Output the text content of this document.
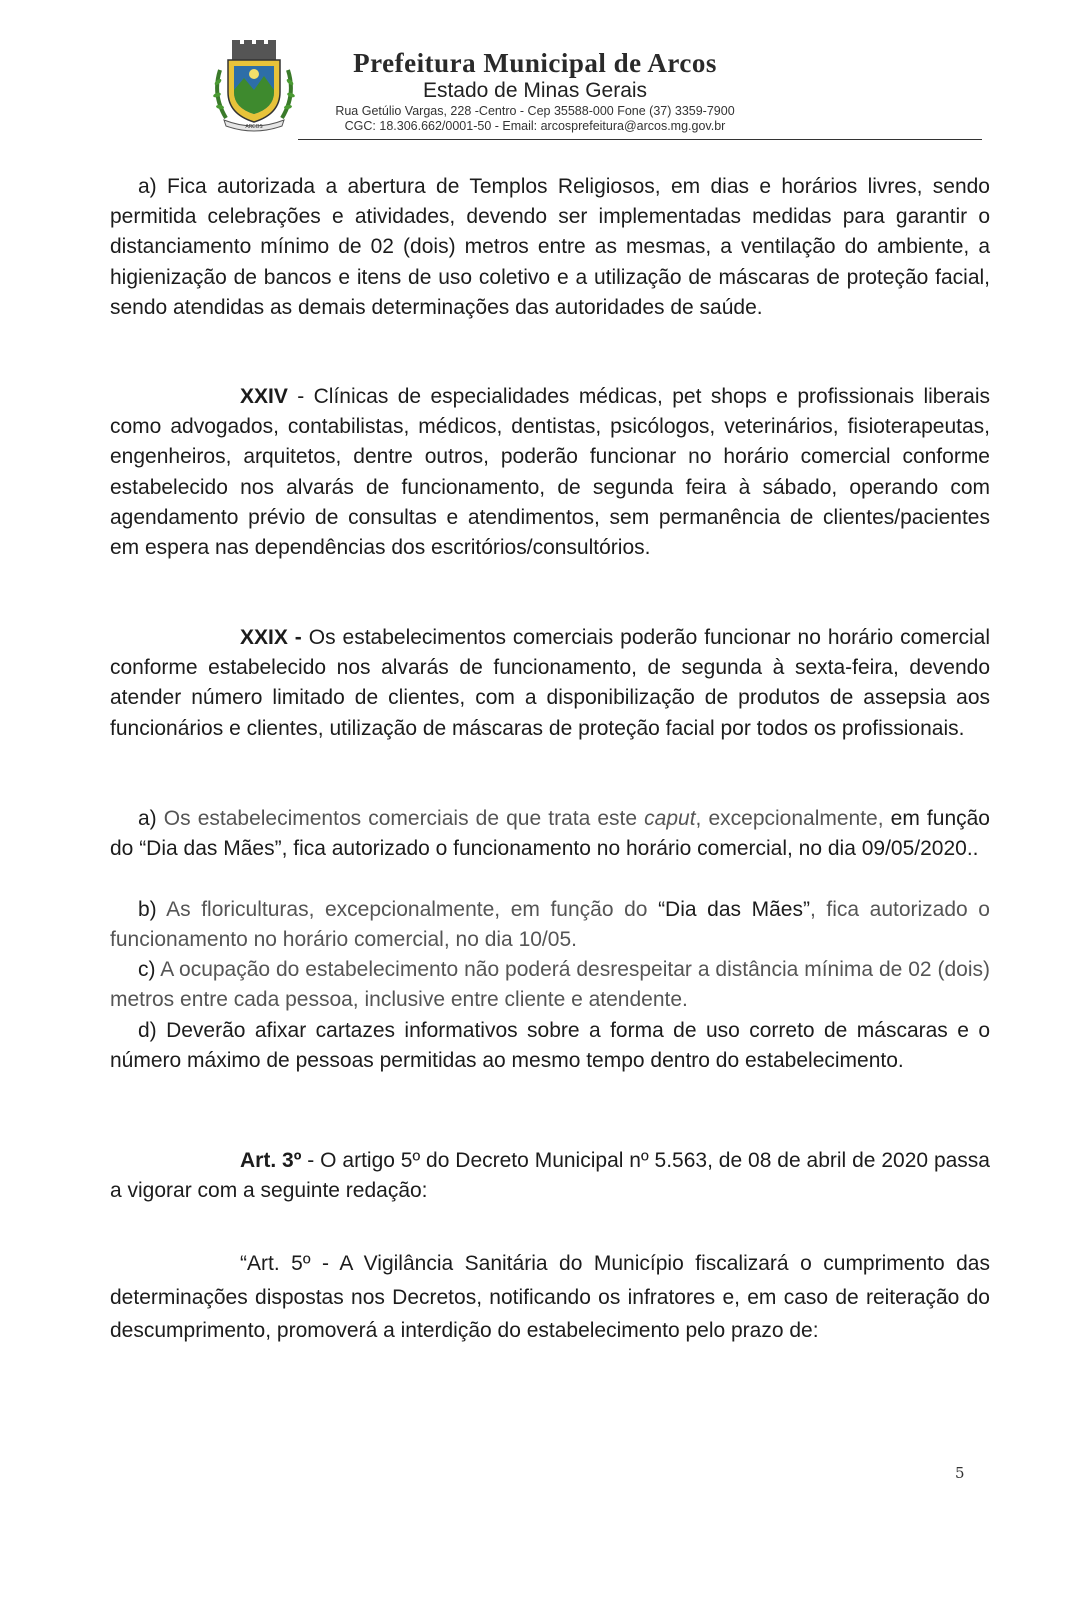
ARCOS
Prefeitura Municipal de Arcos
Estado de Minas Gerais
Rua Getúlio Vargas, 228 -Centro - Cep 35588-000 Fone (37) 3359-7900
CGC: 18.306.662/0001-50 - Email: arcosprefeitura@arcos.mg.gov.br
a) Fica autorizada a abertura de Templos Religiosos, em dias e horários livres, sendo permitida celebrações e atividades, devendo ser implementadas medidas para garantir o distanciamento mínimo de 02 (dois) metros entre as mesmas, a ventilação do ambiente, a higienização de bancos e itens de uso coletivo e a utilização de máscaras de proteção facial, sendo atendidas as demais determinações das autoridades de saúde.
XXIV - Clínicas de especialidades médicas, pet shops e profissionais liberais como advogados, contabilistas, médicos, dentistas, psicólogos, veterinários, fisioterapeutas, engenheiros, arquitetos, dentre outros, poderão funcionar no horário comercial conforme estabelecido nos alvarás de funcionamento, de segunda feira à sábado, operando com agendamento prévio de consultas e atendimentos, sem permanência de clientes/pacientes em espera nas dependências dos escritórios/consultórios.
XXIX - Os estabelecimentos comerciais poderão funcionar no horário comercial conforme estabelecido nos alvarás de funcionamento, de segunda à sexta-feira, devendo atender número limitado de clientes, com a disponibilização de produtos de assepsia aos funcionários e clientes, utilização de máscaras de proteção facial por todos os profissionais.
a) Os estabelecimentos comerciais de que trata este caput, excepcionalmente, em função do “Dia das Mães”, fica autorizado o funcionamento no horário comercial, no dia 09/05/2020..
b) As floriculturas, excepcionalmente, em função do “Dia das Mães”, fica autorizado o funcionamento no horário comercial, no dia 10/05.
c) A ocupação do estabelecimento não poderá desrespeitar a distância mínima de 02 (dois) metros entre cada pessoa, inclusive entre cliente e atendente.
d) Deverão afixar cartazes informativos sobre a forma de uso correto de máscaras e o número máximo de pessoas permitidas ao mesmo tempo dentro do estabelecimento.
Art. 3º - O artigo 5º do Decreto Municipal nº 5.563, de 08 de abril de 2020 passa a vigorar com a seguinte redação:
“Art. 5º - A Vigilância Sanitária do Município fiscalizará o cumprimento das determinações dispostas nos Decretos, notificando os infratores e, em caso de reiteração do descumprimento, promoverá a interdição do estabelecimento pelo prazo de:
5
